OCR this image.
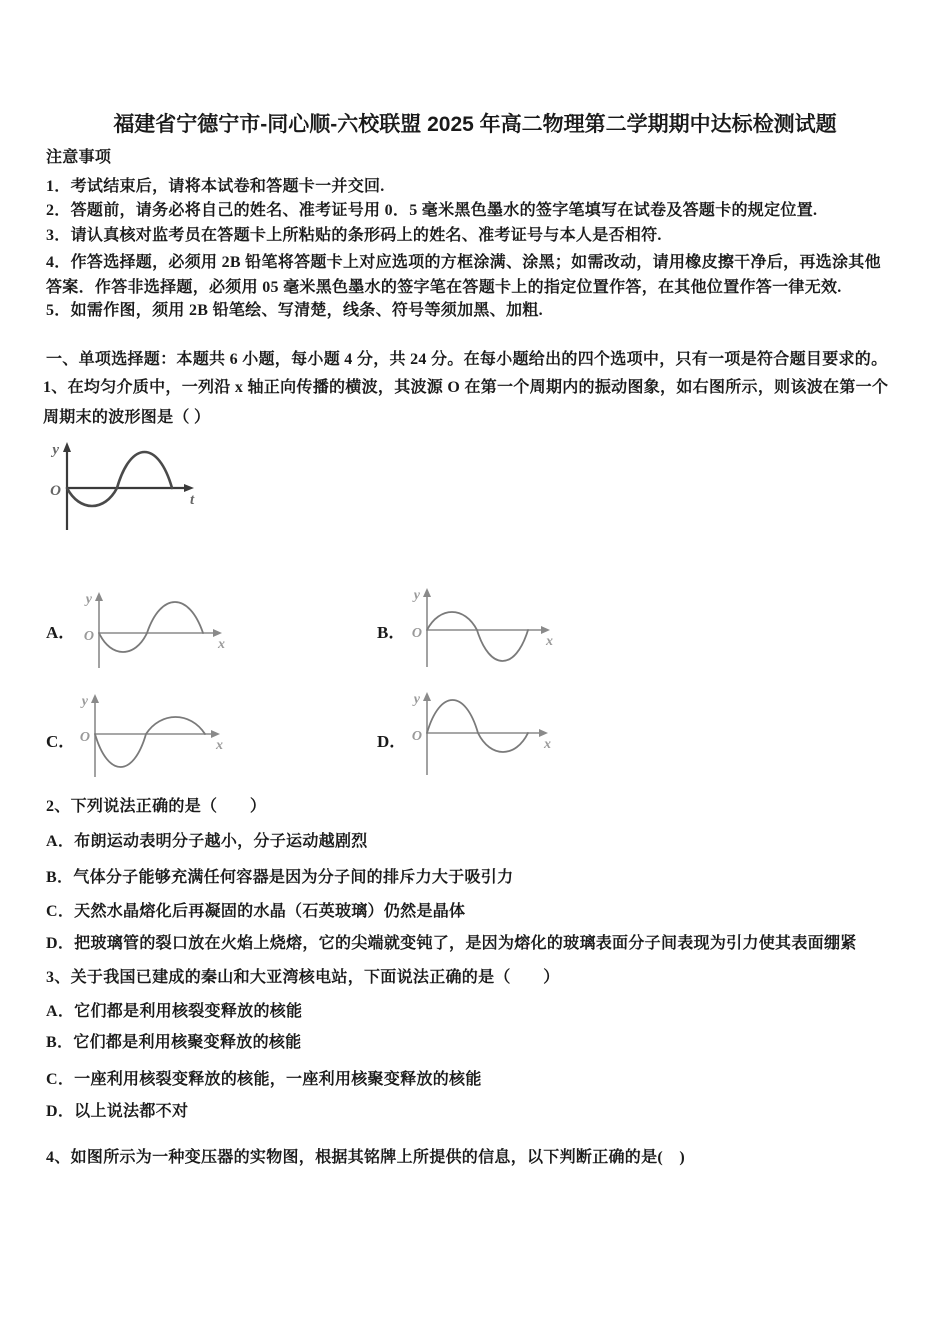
福建省宁德宁市-同心顺-六校联盟 2025 年高二物理第二学期期中达标检测试题
注意事项
1．考试结束后，请将本试卷和答题卡一并交回.
2．答题前，请务必将自己的姓名、准考证号用 0．5 毫米黑色墨水的签字笔填写在试卷及答题卡的规定位置.
3．请认真核对监考员在答题卡上所粘贴的条形码上的姓名、准考证号与本人是否相符.
4．作答选择题，必须用 2B 铅笔将答题卡上对应选项的方框涂满、涂黑；如需改动，请用橡皮擦干净后，再选涂其他
答案．作答非选择题，必须用 05 毫米黑色墨水的签字笔在答题卡上的指定位置作答，在其他位置作答一律无效.
5．如需作图，须用 2B 铅笔绘、写清楚，线条、符号等须加黑、加粗.
一、单项选择题：本题共 6 小题，每小题 4 分，共 24 分。在每小题给出的四个选项中，只有一项是符合题目要求的。
1、在均匀介质中，一列沿 x 轴正向传播的横波，其波源 O 在第一个周期内的振动图象，如右图所示，则该波在第一个
周期末的波形图是（ ）
y
O
t
A．
y
O
x
B．
y
O
x
C．
y
O
x	D．
y
O
x
2、下列说法正确的是（　　）
A．布朗运动表明分子越小，分子运动越剧烈
B．气体分子能够充满任何容器是因为分子间的排斥力大于吸引力
C．天然水晶熔化后再凝固的水晶（石英玻璃）仍然是晶体
D．把玻璃管的裂口放在火焰上烧熔，它的尖端就变钝了，是因为熔化的玻璃表面分子间表现为引力使其表面绷紧
3、关于我国已建成的秦山和大亚湾核电站，下面说法正确的是（　　）
A．它们都是利用核裂变释放的核能
B．它们都是利用核聚变释放的核能
C．一座利用核裂变释放的核能，一座利用核聚变释放的核能
D．以上说法都不对
4、如图所示为一种变压器的实物图，根据其铭牌上所提供的信息，以下判断正确的是(　)
